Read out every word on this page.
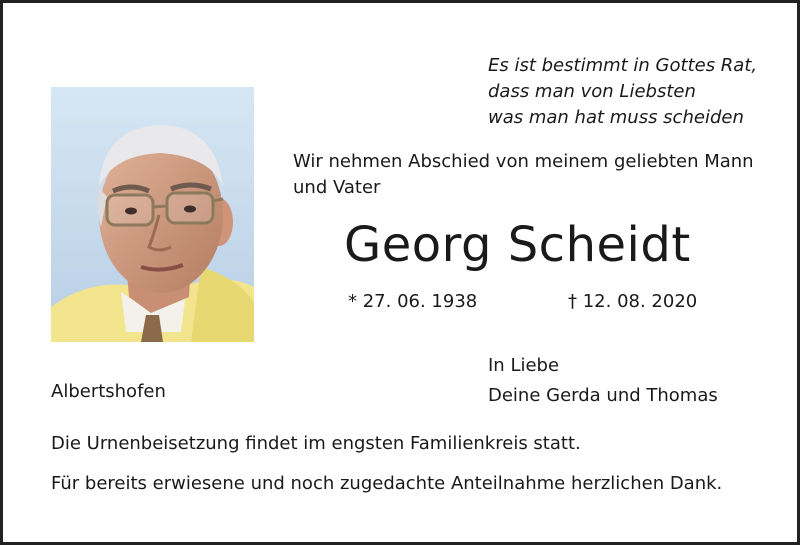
Es ist bestimmt in Gottes Rat,
dass man von Liebsten
was man hat muss scheiden
Wir nehmen Abschied von meinem geliebten Mann
und Vater
Georg Scheidt
* 27. 06. 1938	† 12. 08. 2020
In Liebe
Deine Gerda und Thomas
Albertshofen
Die Urnenbeisetzung findet im engsten Familienkreis statt.
Für bereits erwiesene und noch zugedachte Anteilnahme herzlichen Dank.
